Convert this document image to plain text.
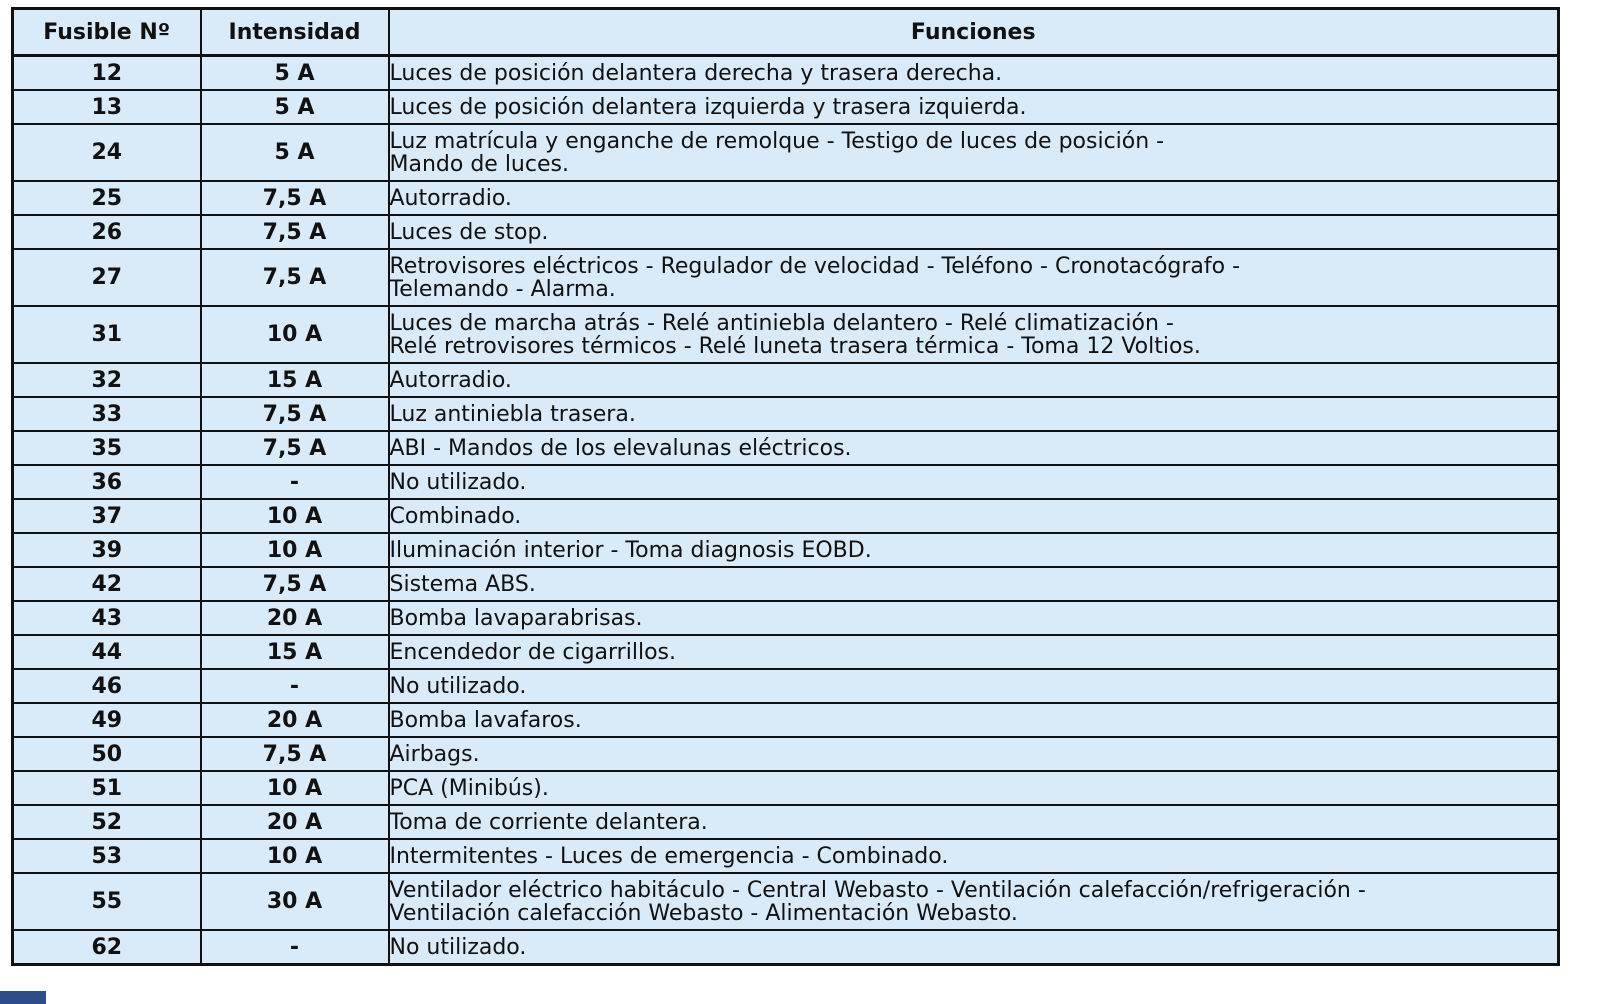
Fusible Nº	Intensidad	Funciones
12	5 A	Luces de posición delantera derecha y trasera derecha.
13	5 A	Luces de posición delantera izquierda y trasera izquierda.
24	5 A	Luz matrícula y enganche de remolque - Testigo de luces de posición -
Mando de luces.
25	7,5 A	Autorradio.
26	7,5 A	Luces de stop.
27	7,5 A	Retrovisores eléctricos - Regulador de velocidad - Teléfono - Cronotacógrafo -
Telemando - Alarma.
31	10 A	Luces de marcha atrás - Relé antiniebla delantero - Relé climatización -
Relé retrovisores térmicos - Relé luneta trasera térmica - Toma 12 Voltios.
32	15 A	Autorradio.
33	7,5 A	Luz antiniebla trasera.
35	7,5 A	ABI - Mandos de los elevalunas eléctricos.
36	-	No utilizado.
37	10 A	Combinado.
39	10 A	Iluminación interior - Toma diagnosis EOBD.
42	7,5 A	Sistema ABS.
43	20 A	Bomba lavaparabrisas.
44	15 A	Encendedor de cigarrillos.
46	-	No utilizado.
49	20 A	Bomba lavafaros.
50	7,5 A	Airbags.
51	10 A	PCA (Minibús).
52	20 A	Toma de corriente delantera.
53	10 A	Intermitentes - Luces de emergencia - Combinado.
55	30 A	Ventilador eléctrico habitáculo - Central Webasto - Ventilación calefacción/refrigeración -
Ventilación calefacción Webasto - Alimentación Webasto.
62	-	No utilizado.
